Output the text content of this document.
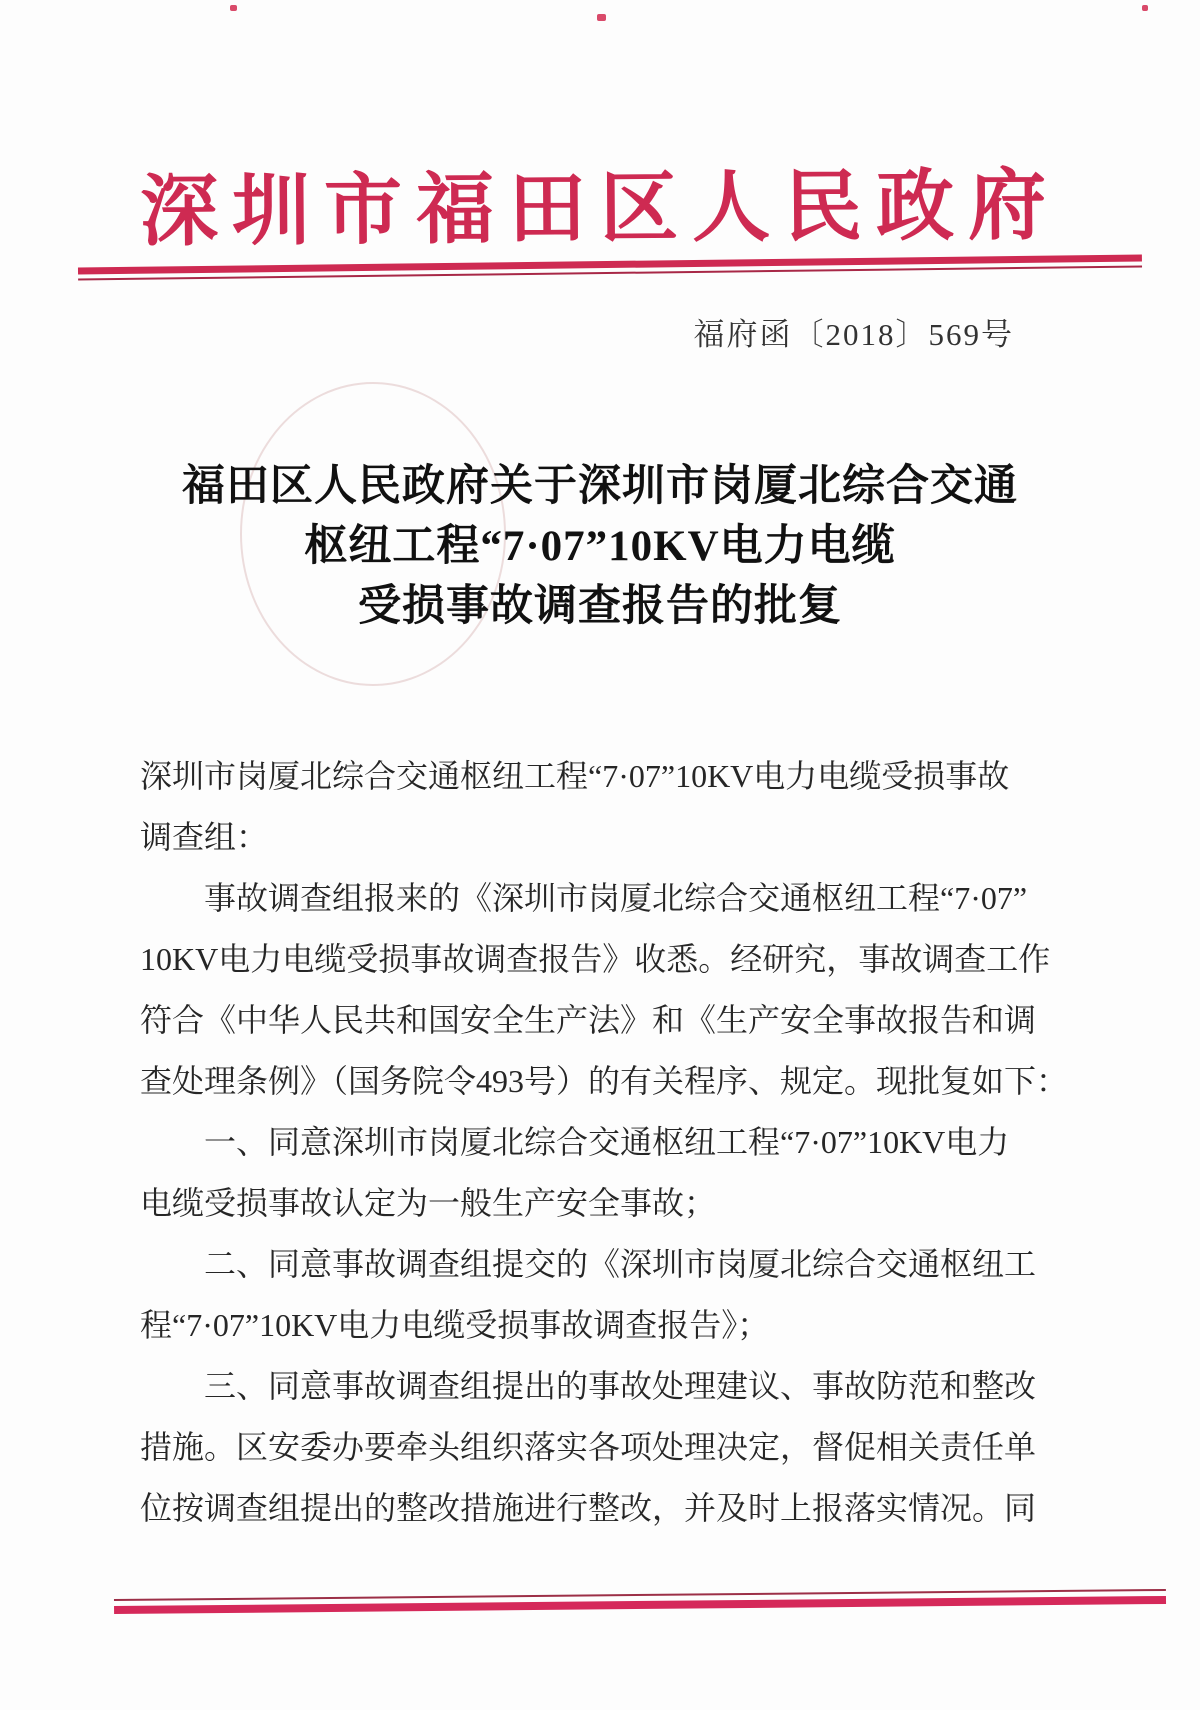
深圳市福田区人民政府
福府函〔2018〕569号
福田区人民政府关于深圳市岗厦北综合交通
枢纽工程“7·07”10KV电力电缆
受损事故调查报告的批复
深圳市岗厦北综合交通枢纽工程“7·07”10KV电力电缆受损事故
调查组：
事故调查组报来的《深圳市岗厦北综合交通枢纽工程“7·07”
10KV电力电缆受损事故调查报告》收悉。经研究，事故调查工作
符合《中华人民共和国安全生产法》和《生产安全事故报告和调
查处理条例》（国务院令493号）的有关程序、规定。现批复如下：
一、同意深圳市岗厦北综合交通枢纽工程“7·07”10KV电力
电缆受损事故认定为一般生产安全事故；
二、同意事故调查组提交的《深圳市岗厦北综合交通枢纽工
程“7·07”10KV电力电缆受损事故调查报告》；
三、同意事故调查组提出的事故处理建议、事故防范和整改
措施。区安委办要牵头组织落实各项处理决定，督促相关责任单
位按调查组提出的整改措施进行整改，并及时上报落实情况。同
